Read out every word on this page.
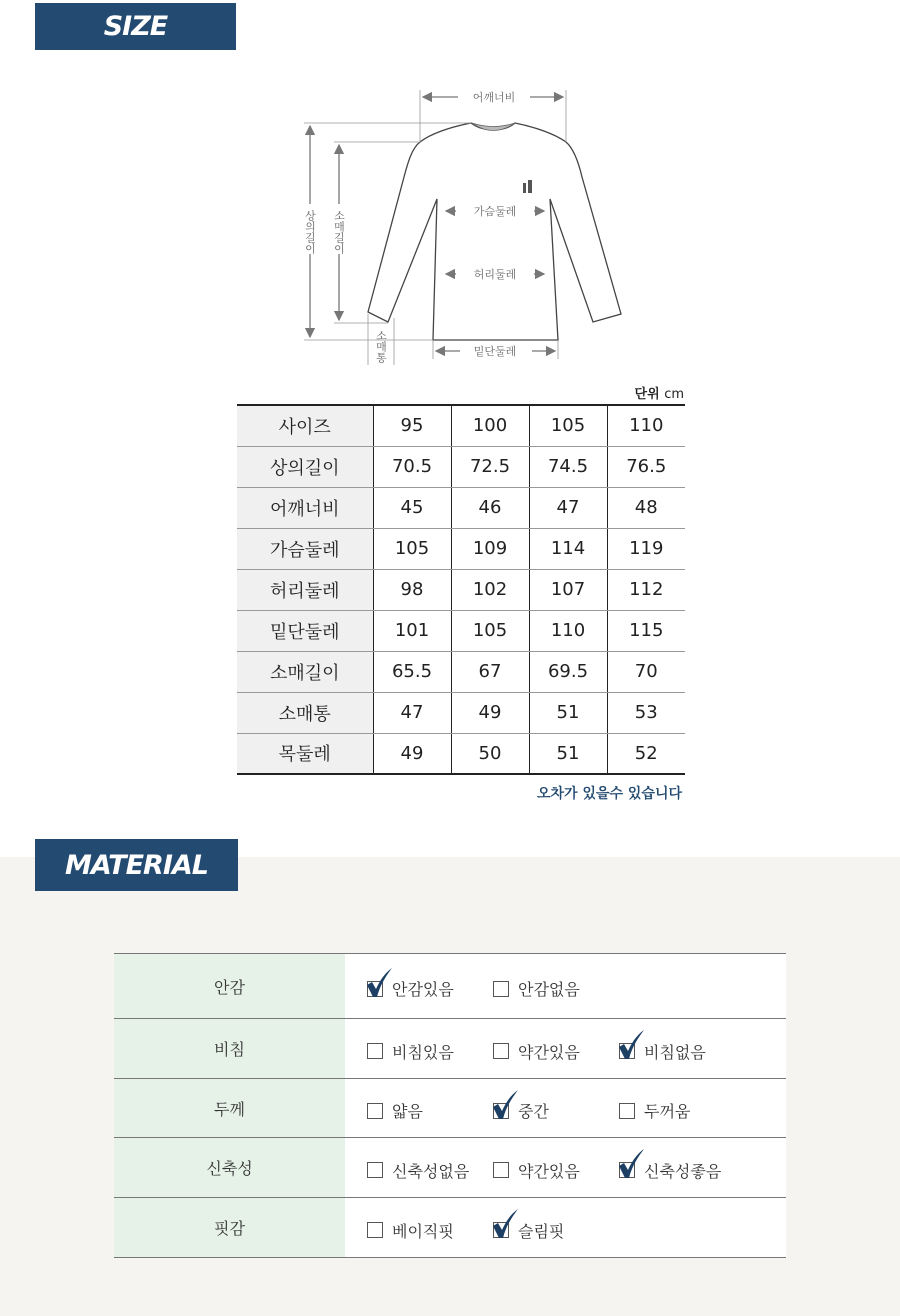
SIZE
어깨너비
가슴둘레
허리둘레
밑단둘레
상의길이 소매길이
소매통
단위 cm
사이즈	95	100	105	110
상의길이	70.5	72.5	74.5	76.5
어깨너비	45	46	47	48
가슴둘레	105	109	114	119
허리둘레	98	102	107	112
밑단둘레	101	105	110	115
소매길이	65.5	67	69.5	70
소매통	47	49	51	53
목둘레	49	50	51	52
오차가 있을수 있습니다
MATERIAL
안감	안감있음 안감없음

비침	비침있음 약간있음 비침없음

두께	얇음 중간 두꺼움

신축성	신축성없음 약간있음 신축성좋음

핏감	베이직핏 슬림핏
